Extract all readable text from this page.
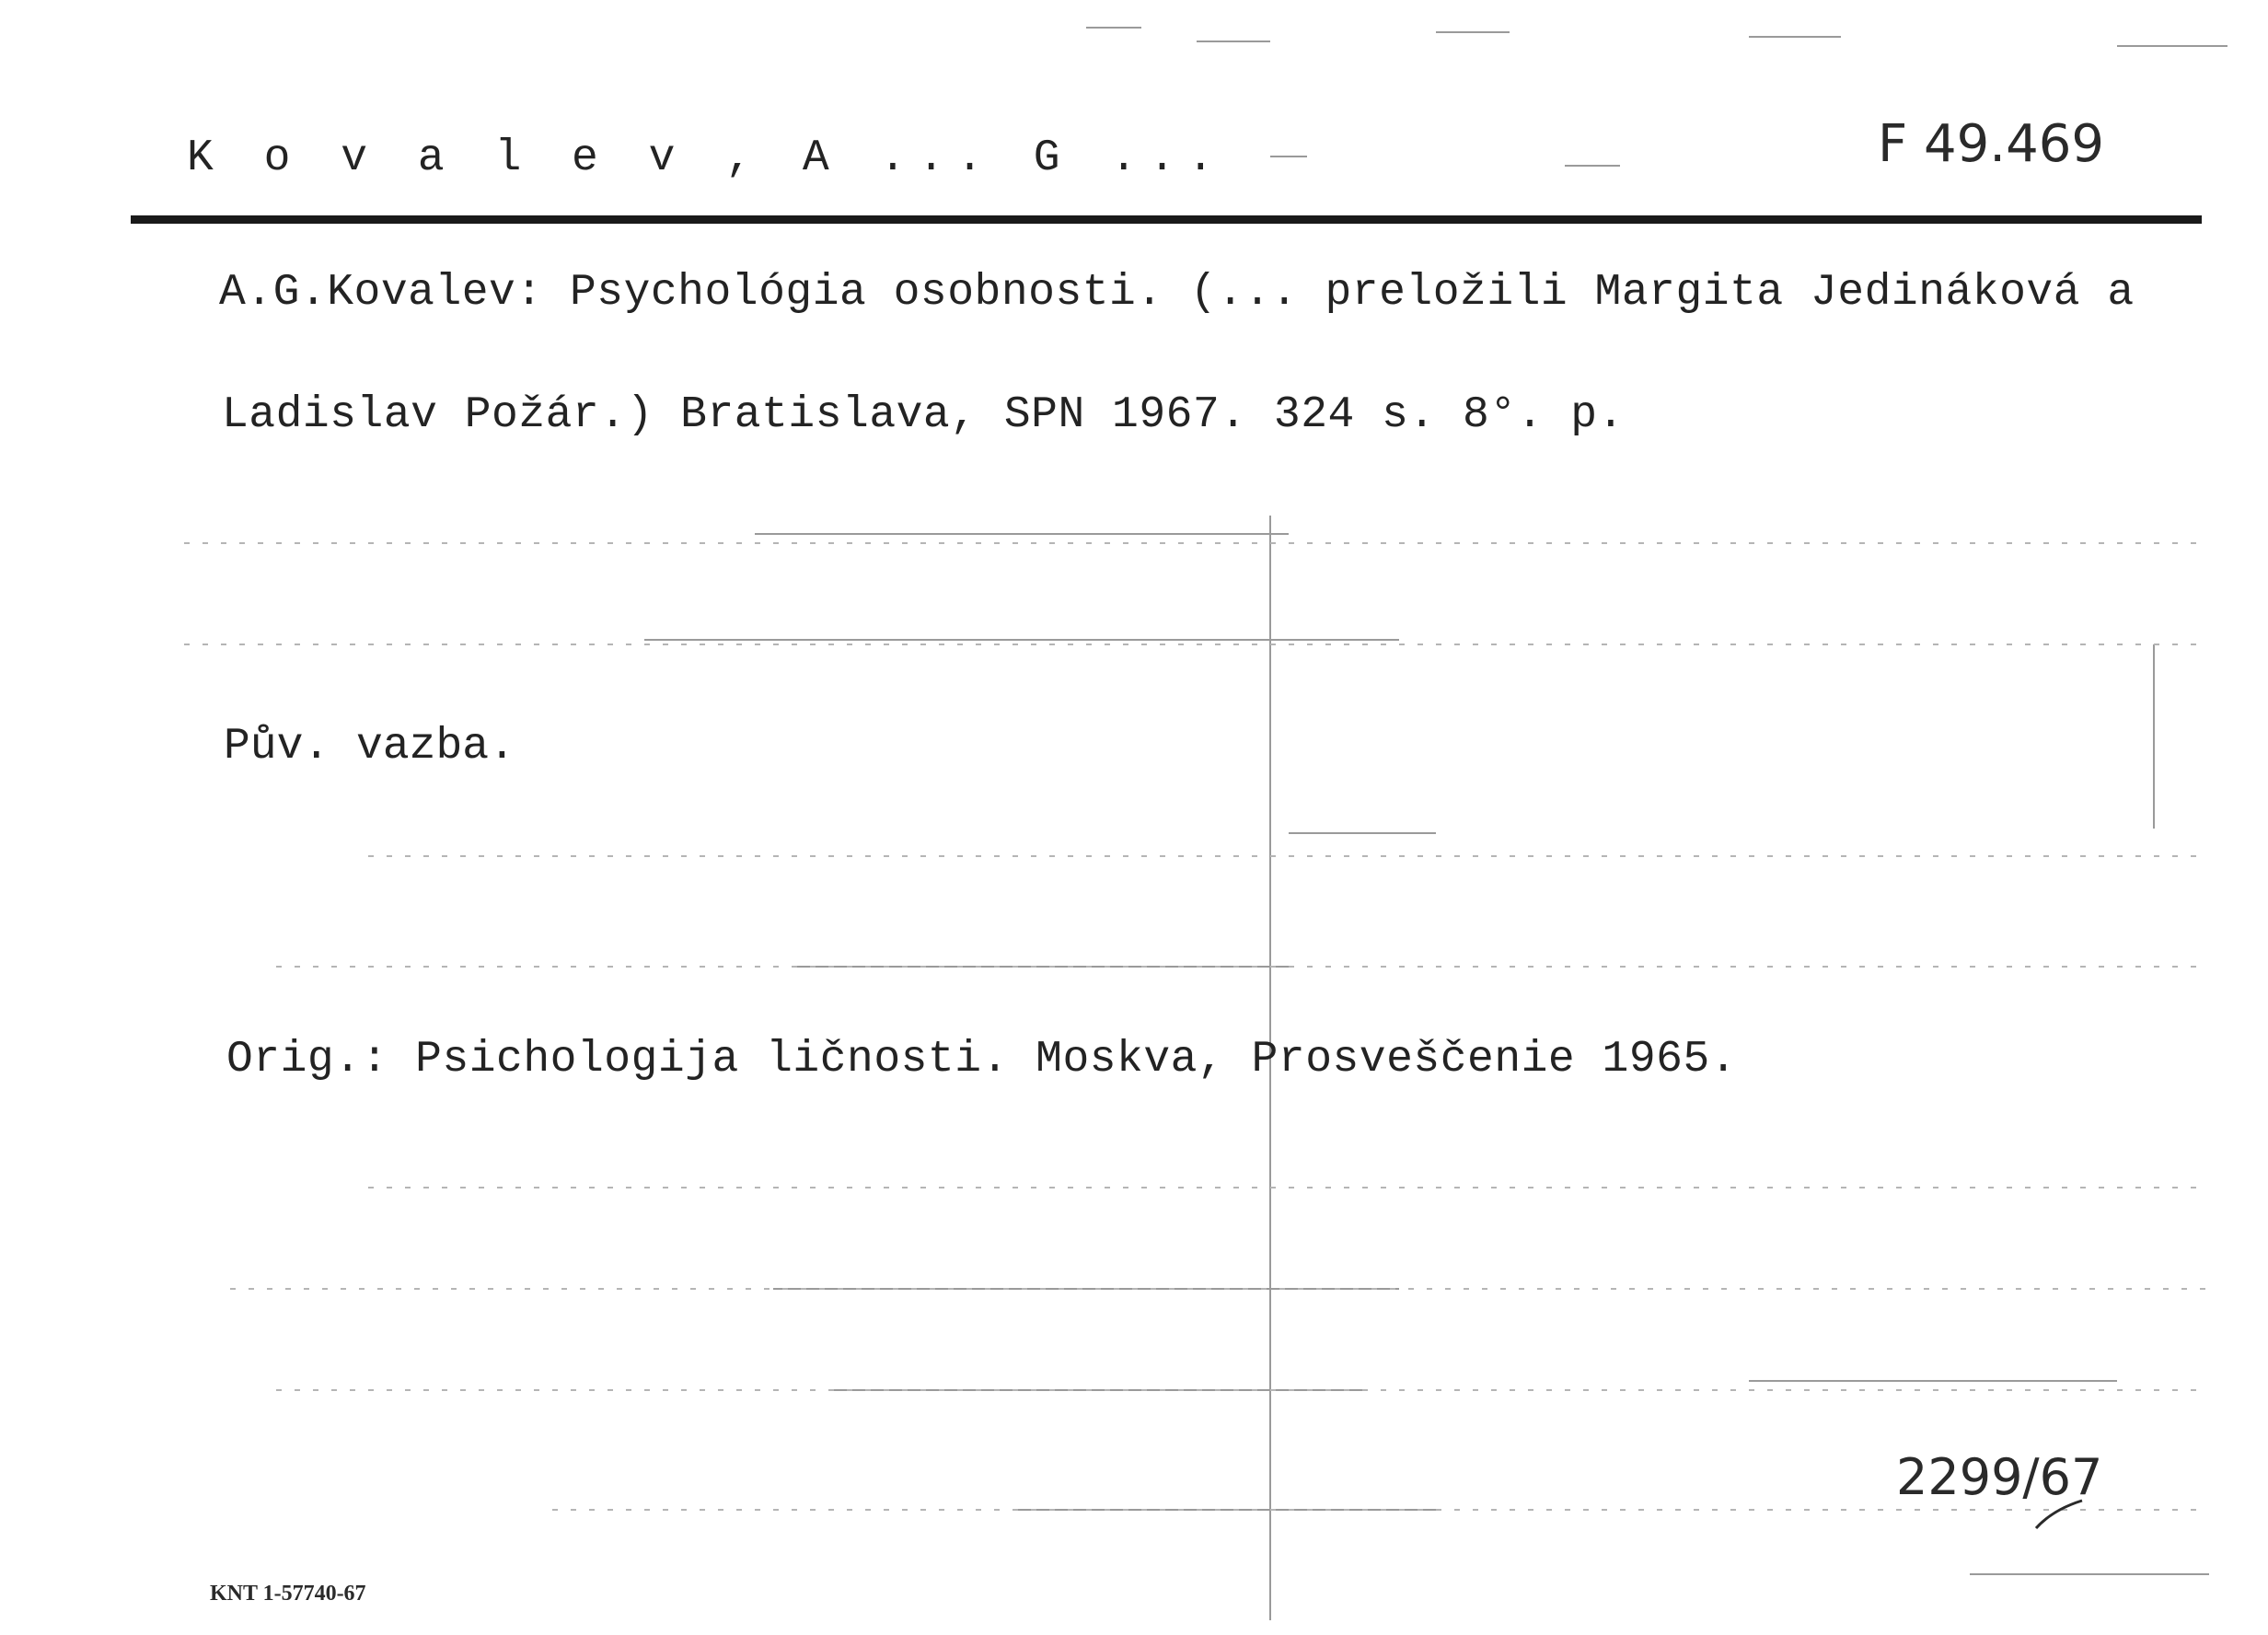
K o v a l e v , A ... G ...	F 49.469
A.G.Kovalev: Psychológia osobnosti. (... preložili Margita Jedináková a
Ladislav Požár.) Bratislava, SPN 1967. 324 s. 8°. p.
Pův. vazba.
Orig.: Psichologija ličnosti. Moskva, Prosveščenie 1965.
2299/67
KNT 1-57740-67
